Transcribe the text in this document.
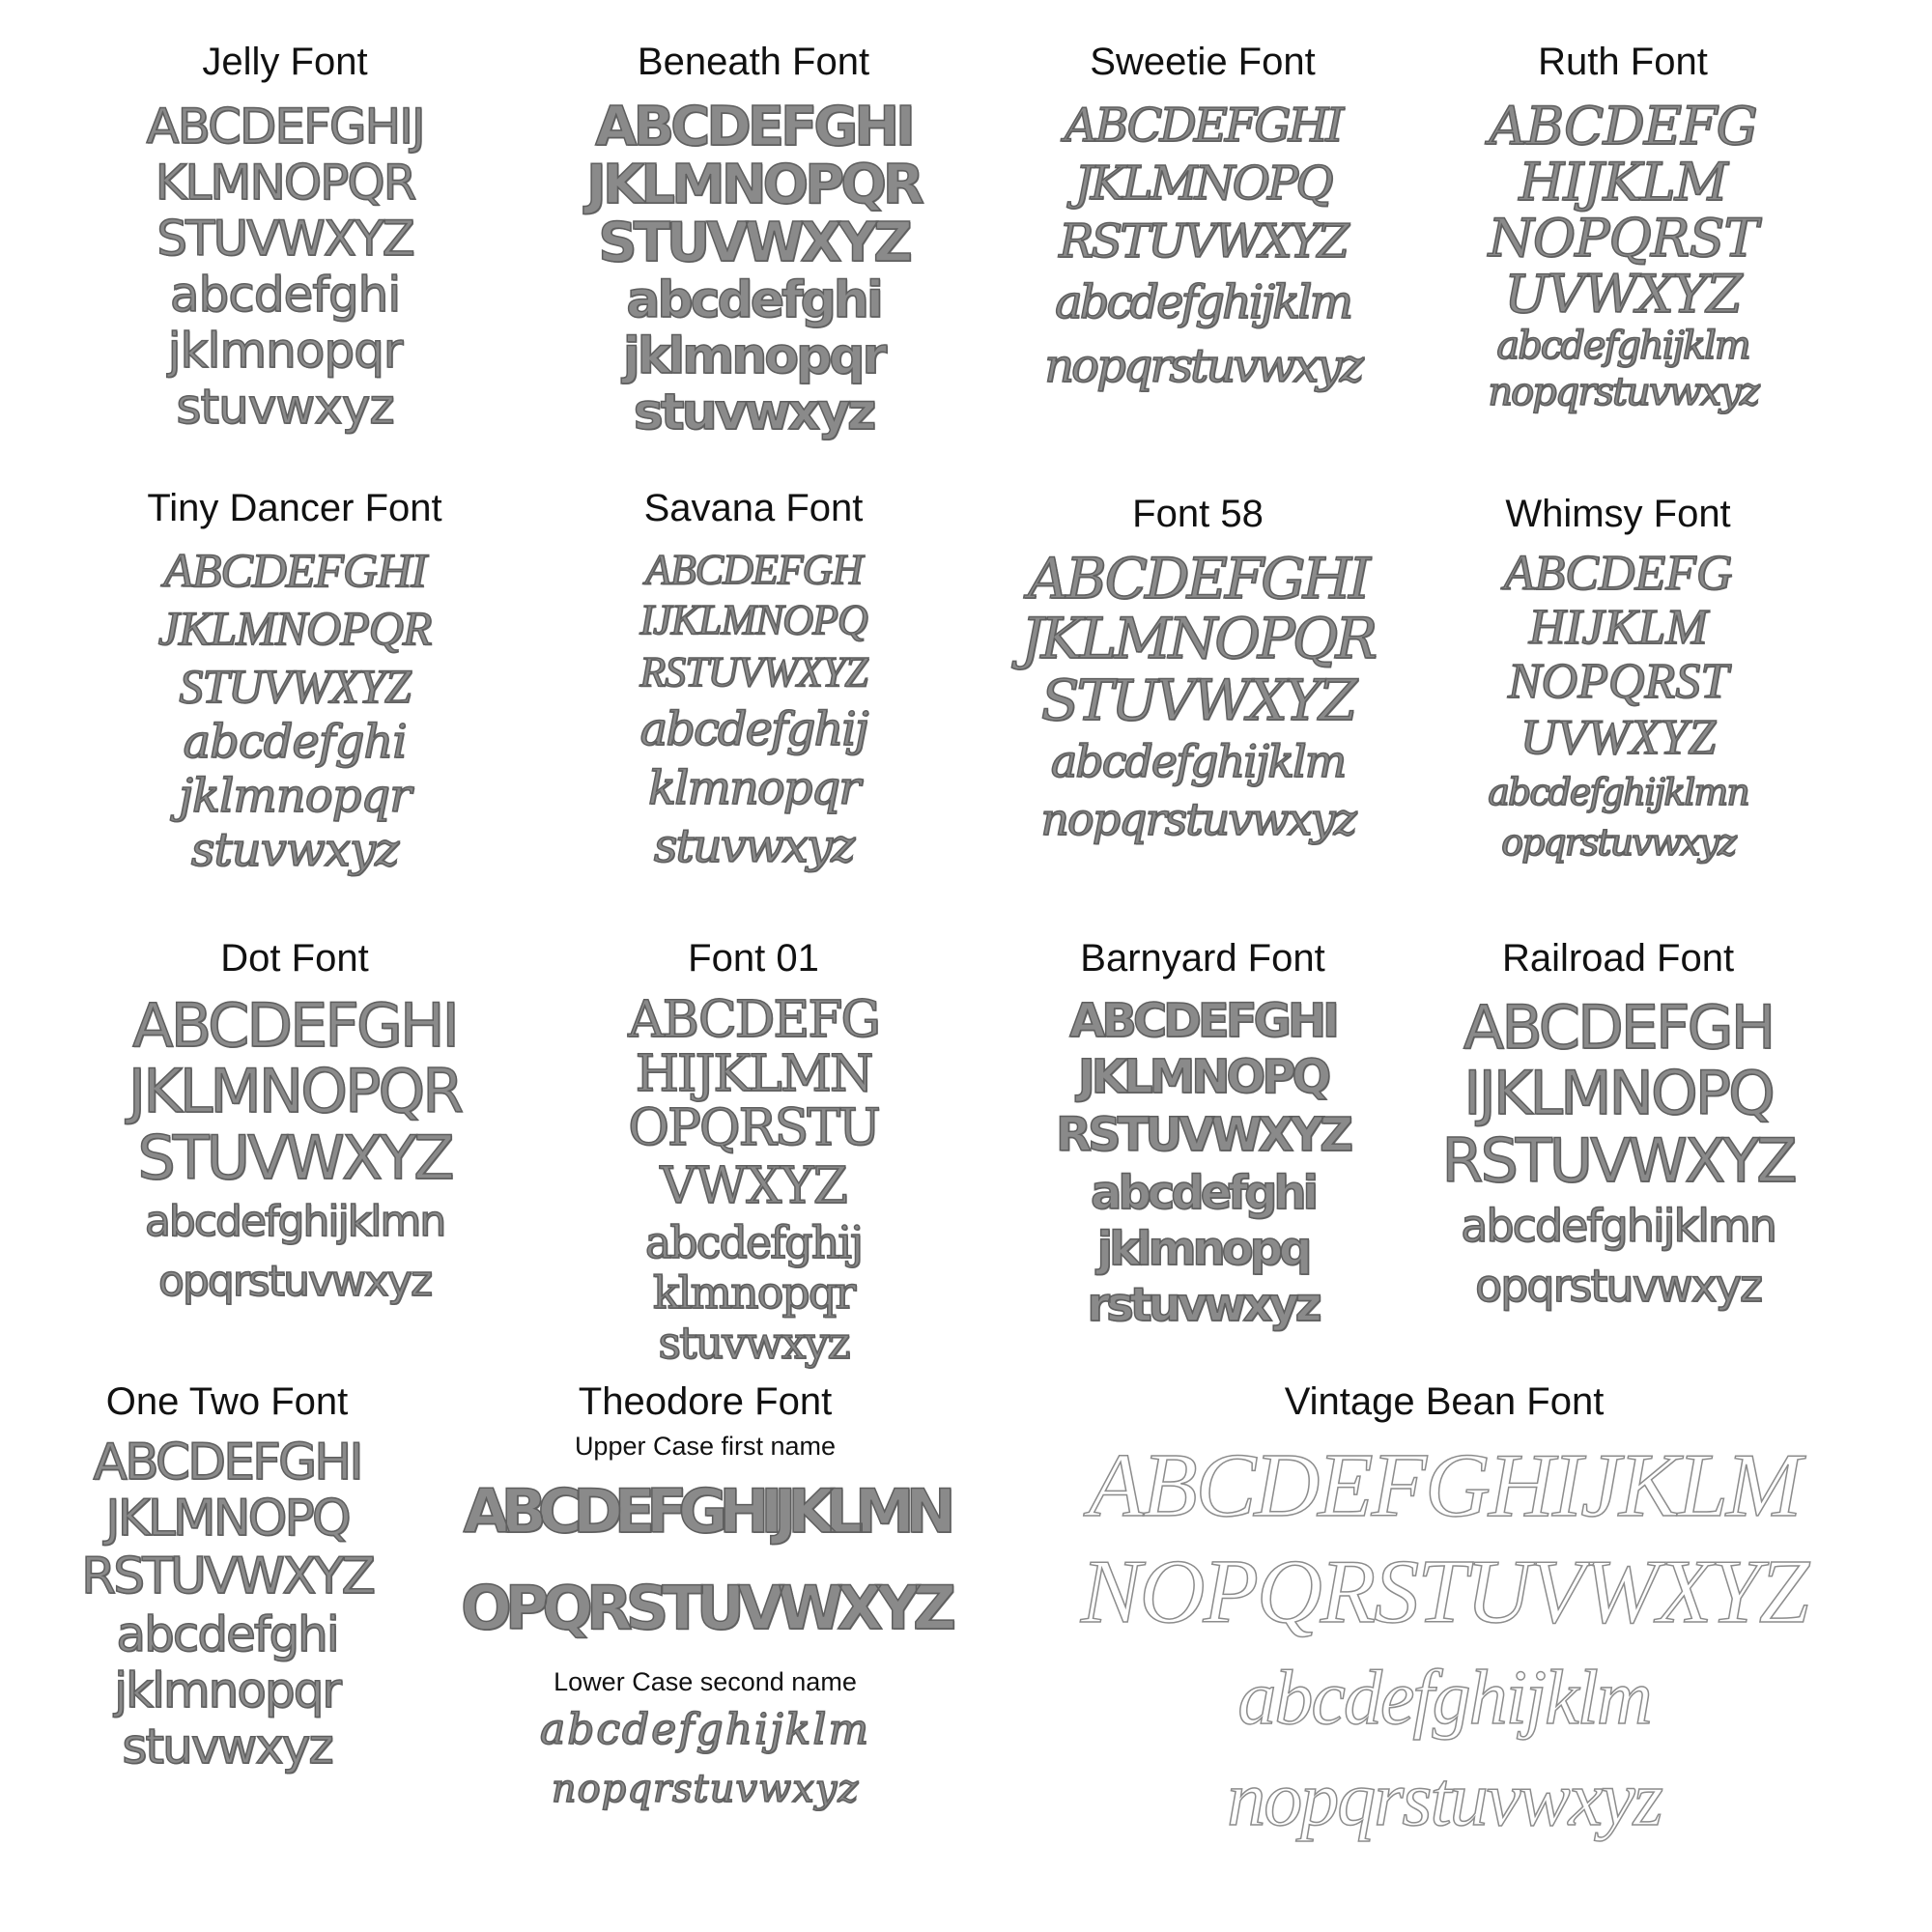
Jelly Font
ABCDEFGHIJ
KLMNOPQR
STUVWXYZ
abcdefghi
jklmnopqr
stuvwxyz
Beneath Font
ABCDEFGHI
JKLMNOPQR
STUVWXYZ
abcdefghi
jklmnopqr
stuvwxyz
Sweetie Font
ABCDEFGHI
JKLMNOPQ
RSTUVWXYZ
abcdefghijklm
nopqrstuvwxyz
Ruth Font
ABCDEFG
HIJKLM
NOPQRST
UVWXYZ
abcdefghijklm
nopqrstuvwxyz
Tiny Dancer Font
ABCDEFGHI
JKLMNOPQR
STUVWXYZ
abcdefghi
jklmnopqr
stuvwxyz
Savana Font
ABCDEFGH
IJKLMNOPQ
RSTUVWXYZ
abcdefghij
klmnopqr
stuvwxyz
Font 58
ABCDEFGHI
JKLMNOPQR
STUVWXYZ
abcdefghijklm
nopqrstuvwxyz
Whimsy Font
ABCDEFG
HIJKLM
NOPQRST
UVWXYZ
abcdefghijklmn
opqrstuvwxyz
Dot Font
ABCDEFGHI
JKLMNOPQR
STUVWXYZ
abcdefghijklmn
opqrstuvwxyz
Font 01
ABCDEFG
HIJKLMN
OPQRSTU
VWXYZ
abcdefghij
klmnopqr
stuvwxyz
Barnyard Font
ABCDEFGHI
JKLMNOPQ
RSTUVWXYZ
abcdefghi
jklmnopq
rstuvwxyz
Railroad Font
ABCDEFGH
IJKLMNOPQ
RSTUVWXYZ
abcdefghijklmn
opqrstuvwxyz
One Two Font
ABCDEFGHI
JKLMNOPQ
RSTUVWXYZ
abcdefghi
jklmnopqr
stuvwxyz
Theodore Font
Upper Case first name
ABCDEFGHIJKLMN
OPQRSTUVWXYZ
Lower Case second name
abcdefghijklm
nopqrstuvwxyz
Vintage Bean Font
ABCDEFGHIJKLM
NOPQRSTUVWXYZ
abcdefghijklm
nopqrstuvwxyz
